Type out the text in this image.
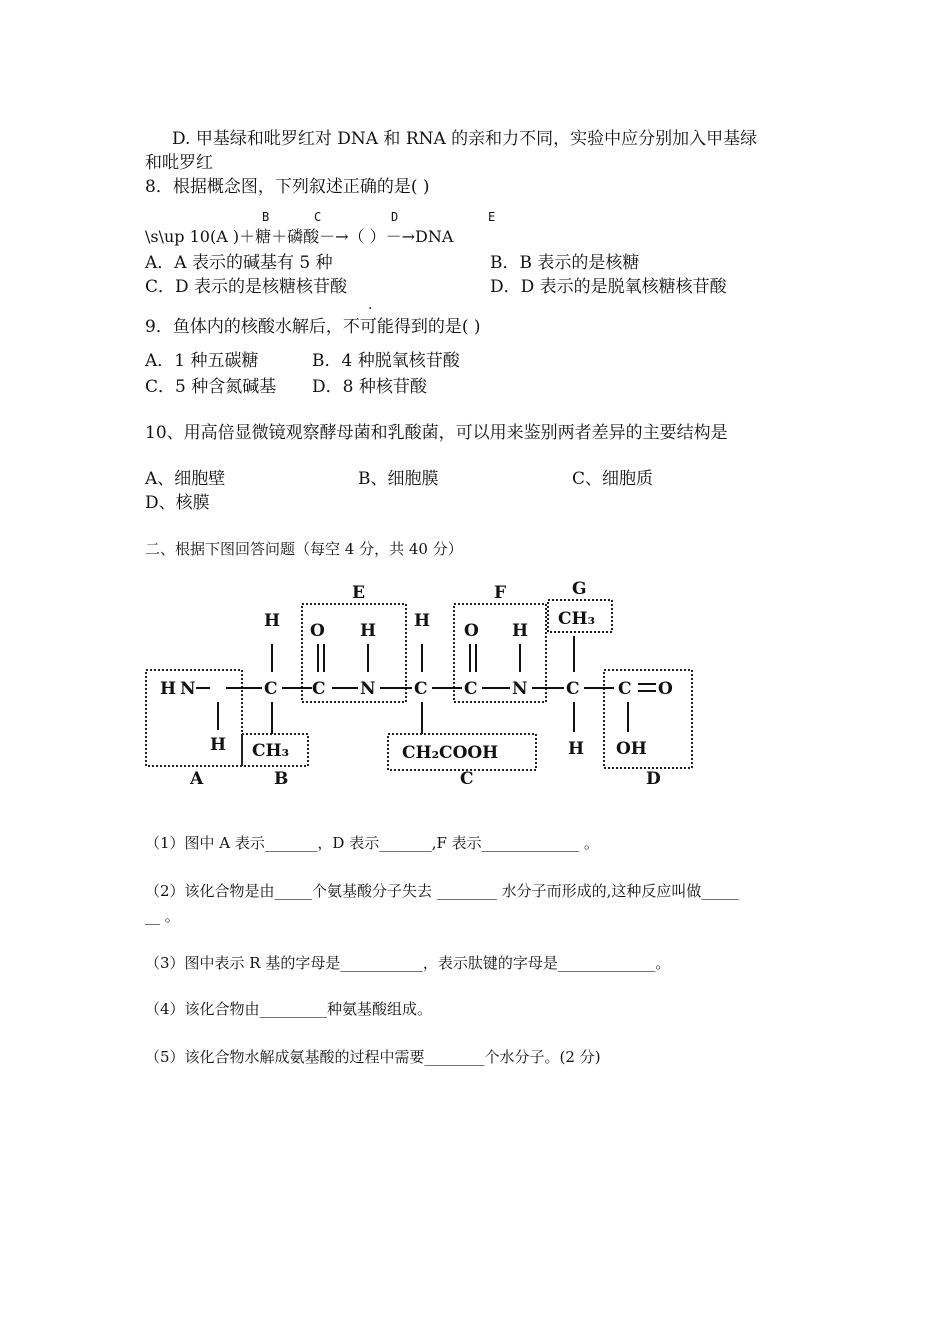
D. 甲基绿和吡罗红对 DNA 和 RNA 的亲和力不同，实验中应分别加入甲基绿
和吡罗红
8．根据概念图，下列叙述正确的是( )
B	C	D	E
\s\up 10(A )＋糖＋磷酸－→（ ）－→DNA
A．A 表示的碱基有 5 种	B．B 表示的是核糖
C．D 表示的是核糖核苷酸	D．D 表示的是脱氧核糖核苷酸
·
9．鱼体内的核酸水解后，不可能得到的是( )
A．1 种五碳糖	B．4 种脱氧核苷酸
C．5 种含氮碱基 D．8 种核苷酸
10、用高倍显微镜观察酵母菌和乳酸菌，可以用来鉴别两者差异的主要结构是
A、细胞壁	B、细胞膜	C、细胞质
D、核膜
二、根据下图回答问题（每空 4 分，共 40 分）
E	F	G
A	B	C	D
H N
H
C
H
C
O
N
H
C
H
C
O
N
H
C
H
C O
OH
CH₃
CH₃
CH₂COOH
（1）图中 A 表示_______，D 表示_______,F 表示_____________ 。
（2）该化合物是由_____个氨基酸分子失去 ________ 水分子而形成的,这种反应叫做_____
__ 。
（3）图中表示 R 基的字母是___________，表示肽键的字母是_____________。
（4）该化合物由_________种氨基酸组成。
（5）该化合物水解成氨基酸的过程中需要________个水分子。(2 分)
